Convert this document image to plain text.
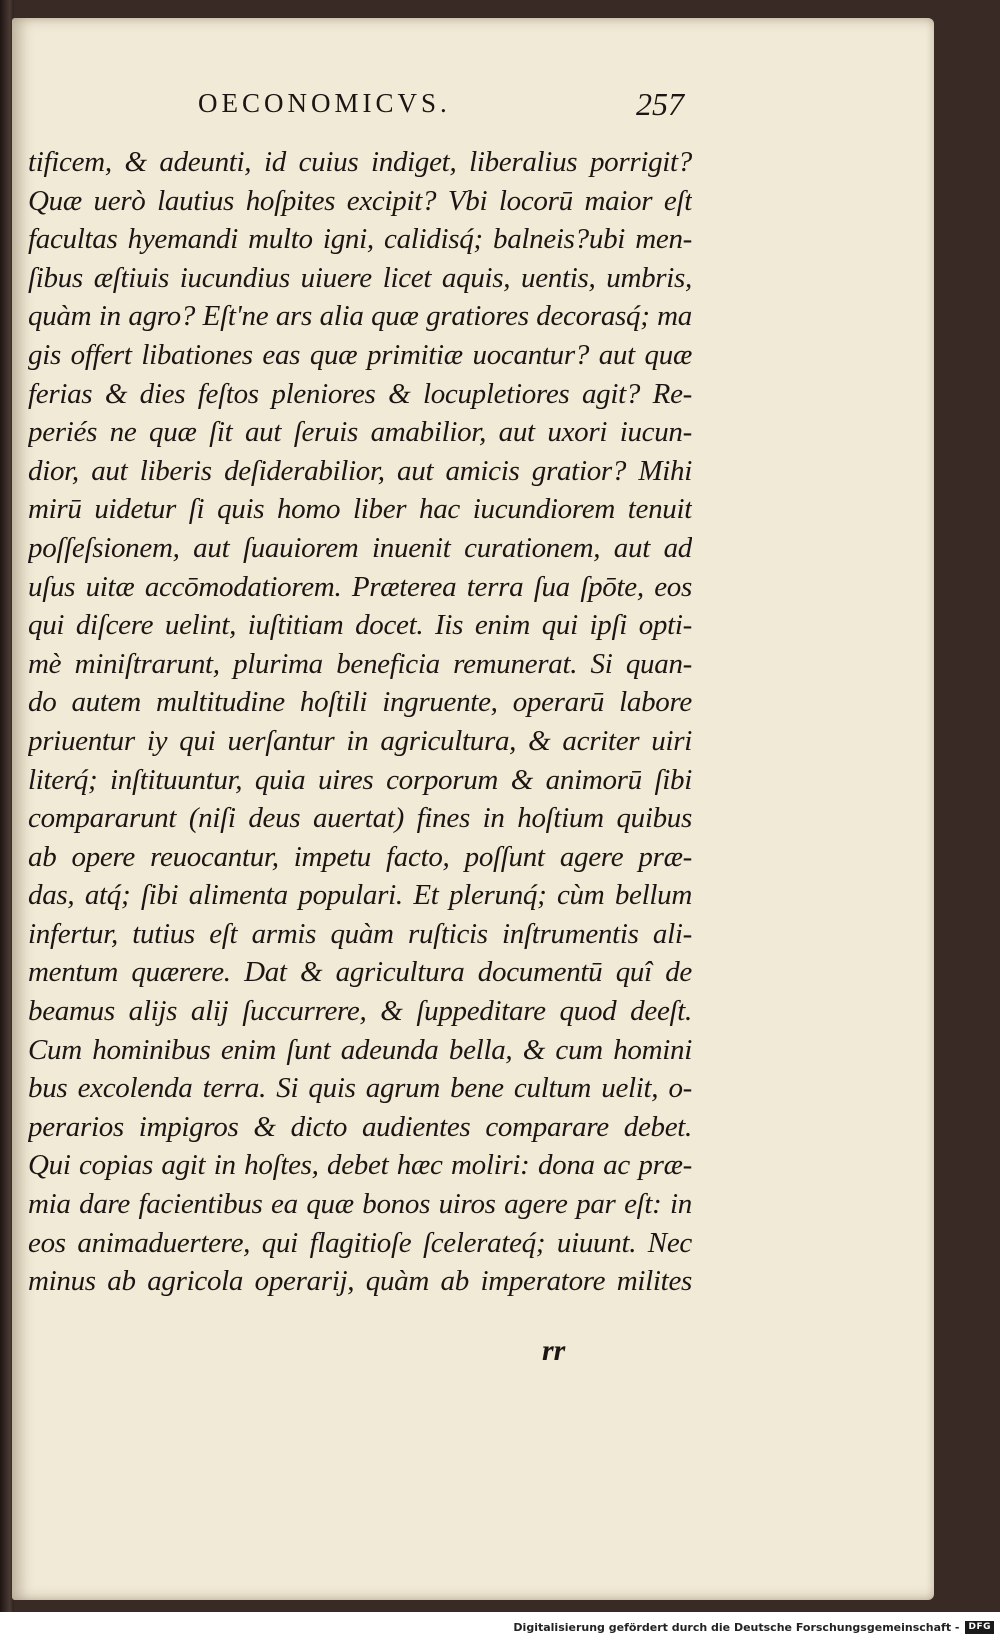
OECONOMICVS.	257
tificem, & adeunti, id cuius indiget, liberalius porrigit?
Quæ uerò lautius hoſpites excipit? Vbi locorū maior eſt
facultas hyemandi multo igni, calidisq́; balneis?ubi men-
ſibus æſtiuis iucundius uiuere licet aquis, uentis, umbris,
quàm in agro? Eſt'ne ars alia quæ gratiores decorasq́; ma
gis offert libationes eas quæ primitiæ uocantur? aut quæ
ferias & dies feſtos pleniores & locupletiores agit? Re-
periés ne quæ ſit aut ſeruis amabilior, aut uxori iucun-
dior, aut liberis deſiderabilior, aut amicis gratior? Mihi
mirū uidetur ſi quis homo liber hac iucundiorem tenuit
poſſeſsionem, aut ſuauiorem inuenit curationem, aut ad
uſus uitæ accōmodatiorem. Præterea terra ſua ſpōte, eos
qui diſcere uelint, iuſtitiam docet. Iis enim qui ipſi opti-
mè miniſtrarunt, plurima beneficia remunerat. Si quan-
do autem multitudine hoſtili ingruente, operarū labore
priuentur iy qui uerſantur in agricultura, & acriter uiri
literq́; inſtituuntur, quia uires corporum & animorū ſibi
compararunt (niſi deus auertat) fines in hoſtium quibus
ab opere reuocantur, impetu facto, poſſunt agere præ-
das, atq́; ſibi alimenta populari. Et plerunq́; cùm bellum
infertur, tutius eſt armis quàm ruſticis inſtrumentis ali-
mentum quærere. Dat & agricultura documentū quî de
beamus alijs alij ſuccurrere, & ſuppeditare quod deeſt.
Cum hominibus enim ſunt adeunda bella, & cum homini
bus excolenda terra. Si quis agrum bene cultum uelit, o-
perarios impigros & dicto audientes comparare debet.
Qui copias agit in hoſtes, debet hæc moliri: dona ac præ-
mia dare facientibus ea quæ bonos uiros agere par eſt: in
eos animaduertere, qui flagitioſe ſcelerateq́; uiuunt. Nec
minus ab agricola operarij, quàm ab imperatore milites
rr
Digitalisierung gefördert durch die Deutsche Forschungsgemeinschaft -	DFG
